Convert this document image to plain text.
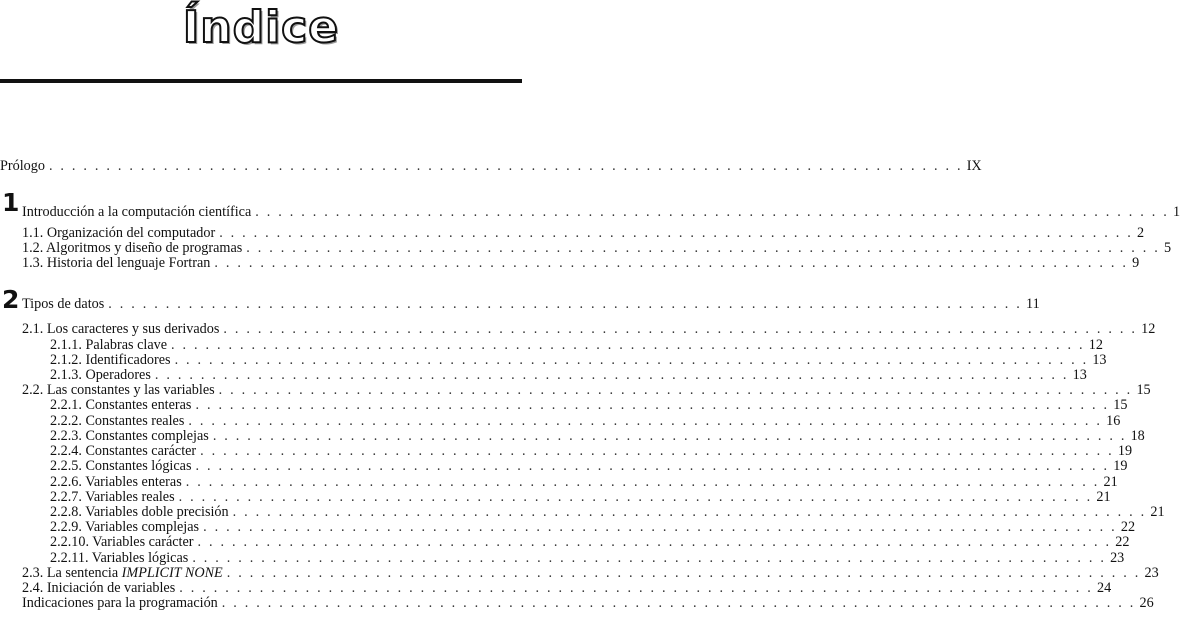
Índice
1
2
Prólogo . . . . . . . . . . . . . . . . . . . . . . . . . . . . . . . . . . . . . . . . . . . . . . . . . . . . . . . . . . . . . . . . . . . . . . . . . . . . . . . . IX
Introducción a la computación científica . . . . . . . . . . . . . . . . . . . . . . . . . . . . . . . . . . . . . . . . . . . . . . . . . . . . . . . . . . . . . . . . . . . . . . . . . . . . . . . . 1
1.1. Organización del computador . . . . . . . . . . . . . . . . . . . . . . . . . . . . . . . . . . . . . . . . . . . . . . . . . . . . . . . . . . . . . . . . . . . . . . . . . . . . . . . . 2
1.2. Algoritmos y diseño de programas . . . . . . . . . . . . . . . . . . . . . . . . . . . . . . . . . . . . . . . . . . . . . . . . . . . . . . . . . . . . . . . . . . . . . . . . . . . . . . . . 5
1.3. Historia del lenguaje Fortran . . . . . . . . . . . . . . . . . . . . . . . . . . . . . . . . . . . . . . . . . . . . . . . . . . . . . . . . . . . . . . . . . . . . . . . . . . . . . . . . 9
Tipos de datos . . . . . . . . . . . . . . . . . . . . . . . . . . . . . . . . . . . . . . . . . . . . . . . . . . . . . . . . . . . . . . . . . . . . . . . . . . . . . . . . 11
2.1. Los caracteres y sus derivados . . . . . . . . . . . . . . . . . . . . . . . . . . . . . . . . . . . . . . . . . . . . . . . . . . . . . . . . . . . . . . . . . . . . . . . . . . . . . . . . 12
2.1.1. Palabras clave . . . . . . . . . . . . . . . . . . . . . . . . . . . . . . . . . . . . . . . . . . . . . . . . . . . . . . . . . . . . . . . . . . . . . . . . . . . . . . . . 12
2.1.2. Identificadores . . . . . . . . . . . . . . . . . . . . . . . . . . . . . . . . . . . . . . . . . . . . . . . . . . . . . . . . . . . . . . . . . . . . . . . . . . . . . . . . 13
2.1.3. Operadores . . . . . . . . . . . . . . . . . . . . . . . . . . . . . . . . . . . . . . . . . . . . . . . . . . . . . . . . . . . . . . . . . . . . . . . . . . . . . . . . 13
2.2. Las constantes y las variables . . . . . . . . . . . . . . . . . . . . . . . . . . . . . . . . . . . . . . . . . . . . . . . . . . . . . . . . . . . . . . . . . . . . . . . . . . . . . . . . 15
2.2.1. Constantes enteras . . . . . . . . . . . . . . . . . . . . . . . . . . . . . . . . . . . . . . . . . . . . . . . . . . . . . . . . . . . . . . . . . . . . . . . . . . . . . . . . 15
2.2.2. Constantes reales . . . . . . . . . . . . . . . . . . . . . . . . . . . . . . . . . . . . . . . . . . . . . . . . . . . . . . . . . . . . . . . . . . . . . . . . . . . . . . . . 16
2.2.3. Constantes complejas . . . . . . . . . . . . . . . . . . . . . . . . . . . . . . . . . . . . . . . . . . . . . . . . . . . . . . . . . . . . . . . . . . . . . . . . . . . . . . . . 18
2.2.4. Constantes carácter . . . . . . . . . . . . . . . . . . . . . . . . . . . . . . . . . . . . . . . . . . . . . . . . . . . . . . . . . . . . . . . . . . . . . . . . . . . . . . . . 19
2.2.5. Constantes lógicas . . . . . . . . . . . . . . . . . . . . . . . . . . . . . . . . . . . . . . . . . . . . . . . . . . . . . . . . . . . . . . . . . . . . . . . . . . . . . . . . 19
2.2.6. Variables enteras . . . . . . . . . . . . . . . . . . . . . . . . . . . . . . . . . . . . . . . . . . . . . . . . . . . . . . . . . . . . . . . . . . . . . . . . . . . . . . . . 21
2.2.7. Variables reales . . . . . . . . . . . . . . . . . . . . . . . . . . . . . . . . . . . . . . . . . . . . . . . . . . . . . . . . . . . . . . . . . . . . . . . . . . . . . . . . 21
2.2.8. Variables doble precisión . . . . . . . . . . . . . . . . . . . . . . . . . . . . . . . . . . . . . . . . . . . . . . . . . . . . . . . . . . . . . . . . . . . . . . . . . . . . . . . . 21
2.2.9. Variables complejas . . . . . . . . . . . . . . . . . . . . . . . . . . . . . . . . . . . . . . . . . . . . . . . . . . . . . . . . . . . . . . . . . . . . . . . . . . . . . . . . 22
2.2.10. Variables carácter . . . . . . . . . . . . . . . . . . . . . . . . . . . . . . . . . . . . . . . . . . . . . . . . . . . . . . . . . . . . . . . . . . . . . . . . . . . . . . . . 22
2.2.11. Variables lógicas . . . . . . . . . . . . . . . . . . . . . . . . . . . . . . . . . . . . . . . . . . . . . . . . . . . . . . . . . . . . . . . . . . . . . . . . . . . . . . . . 23
2.3. La sentencia IMPLICIT NONE . . . . . . . . . . . . . . . . . . . . . . . . . . . . . . . . . . . . . . . . . . . . . . . . . . . . . . . . . . . . . . . . . . . . . . . . . . . . . . . . 23
2.4. Iniciación de variables . . . . . . . . . . . . . . . . . . . . . . . . . . . . . . . . . . . . . . . . . . . . . . . . . . . . . . . . . . . . . . . . . . . . . . . . . . . . . . . . 24
Indicaciones para la programación . . . . . . . . . . . . . . . . . . . . . . . . . . . . . . . . . . . . . . . . . . . . . . . . . . . . . . . . . . . . . . . . . . . . . . . . . . . . . . . . 26
